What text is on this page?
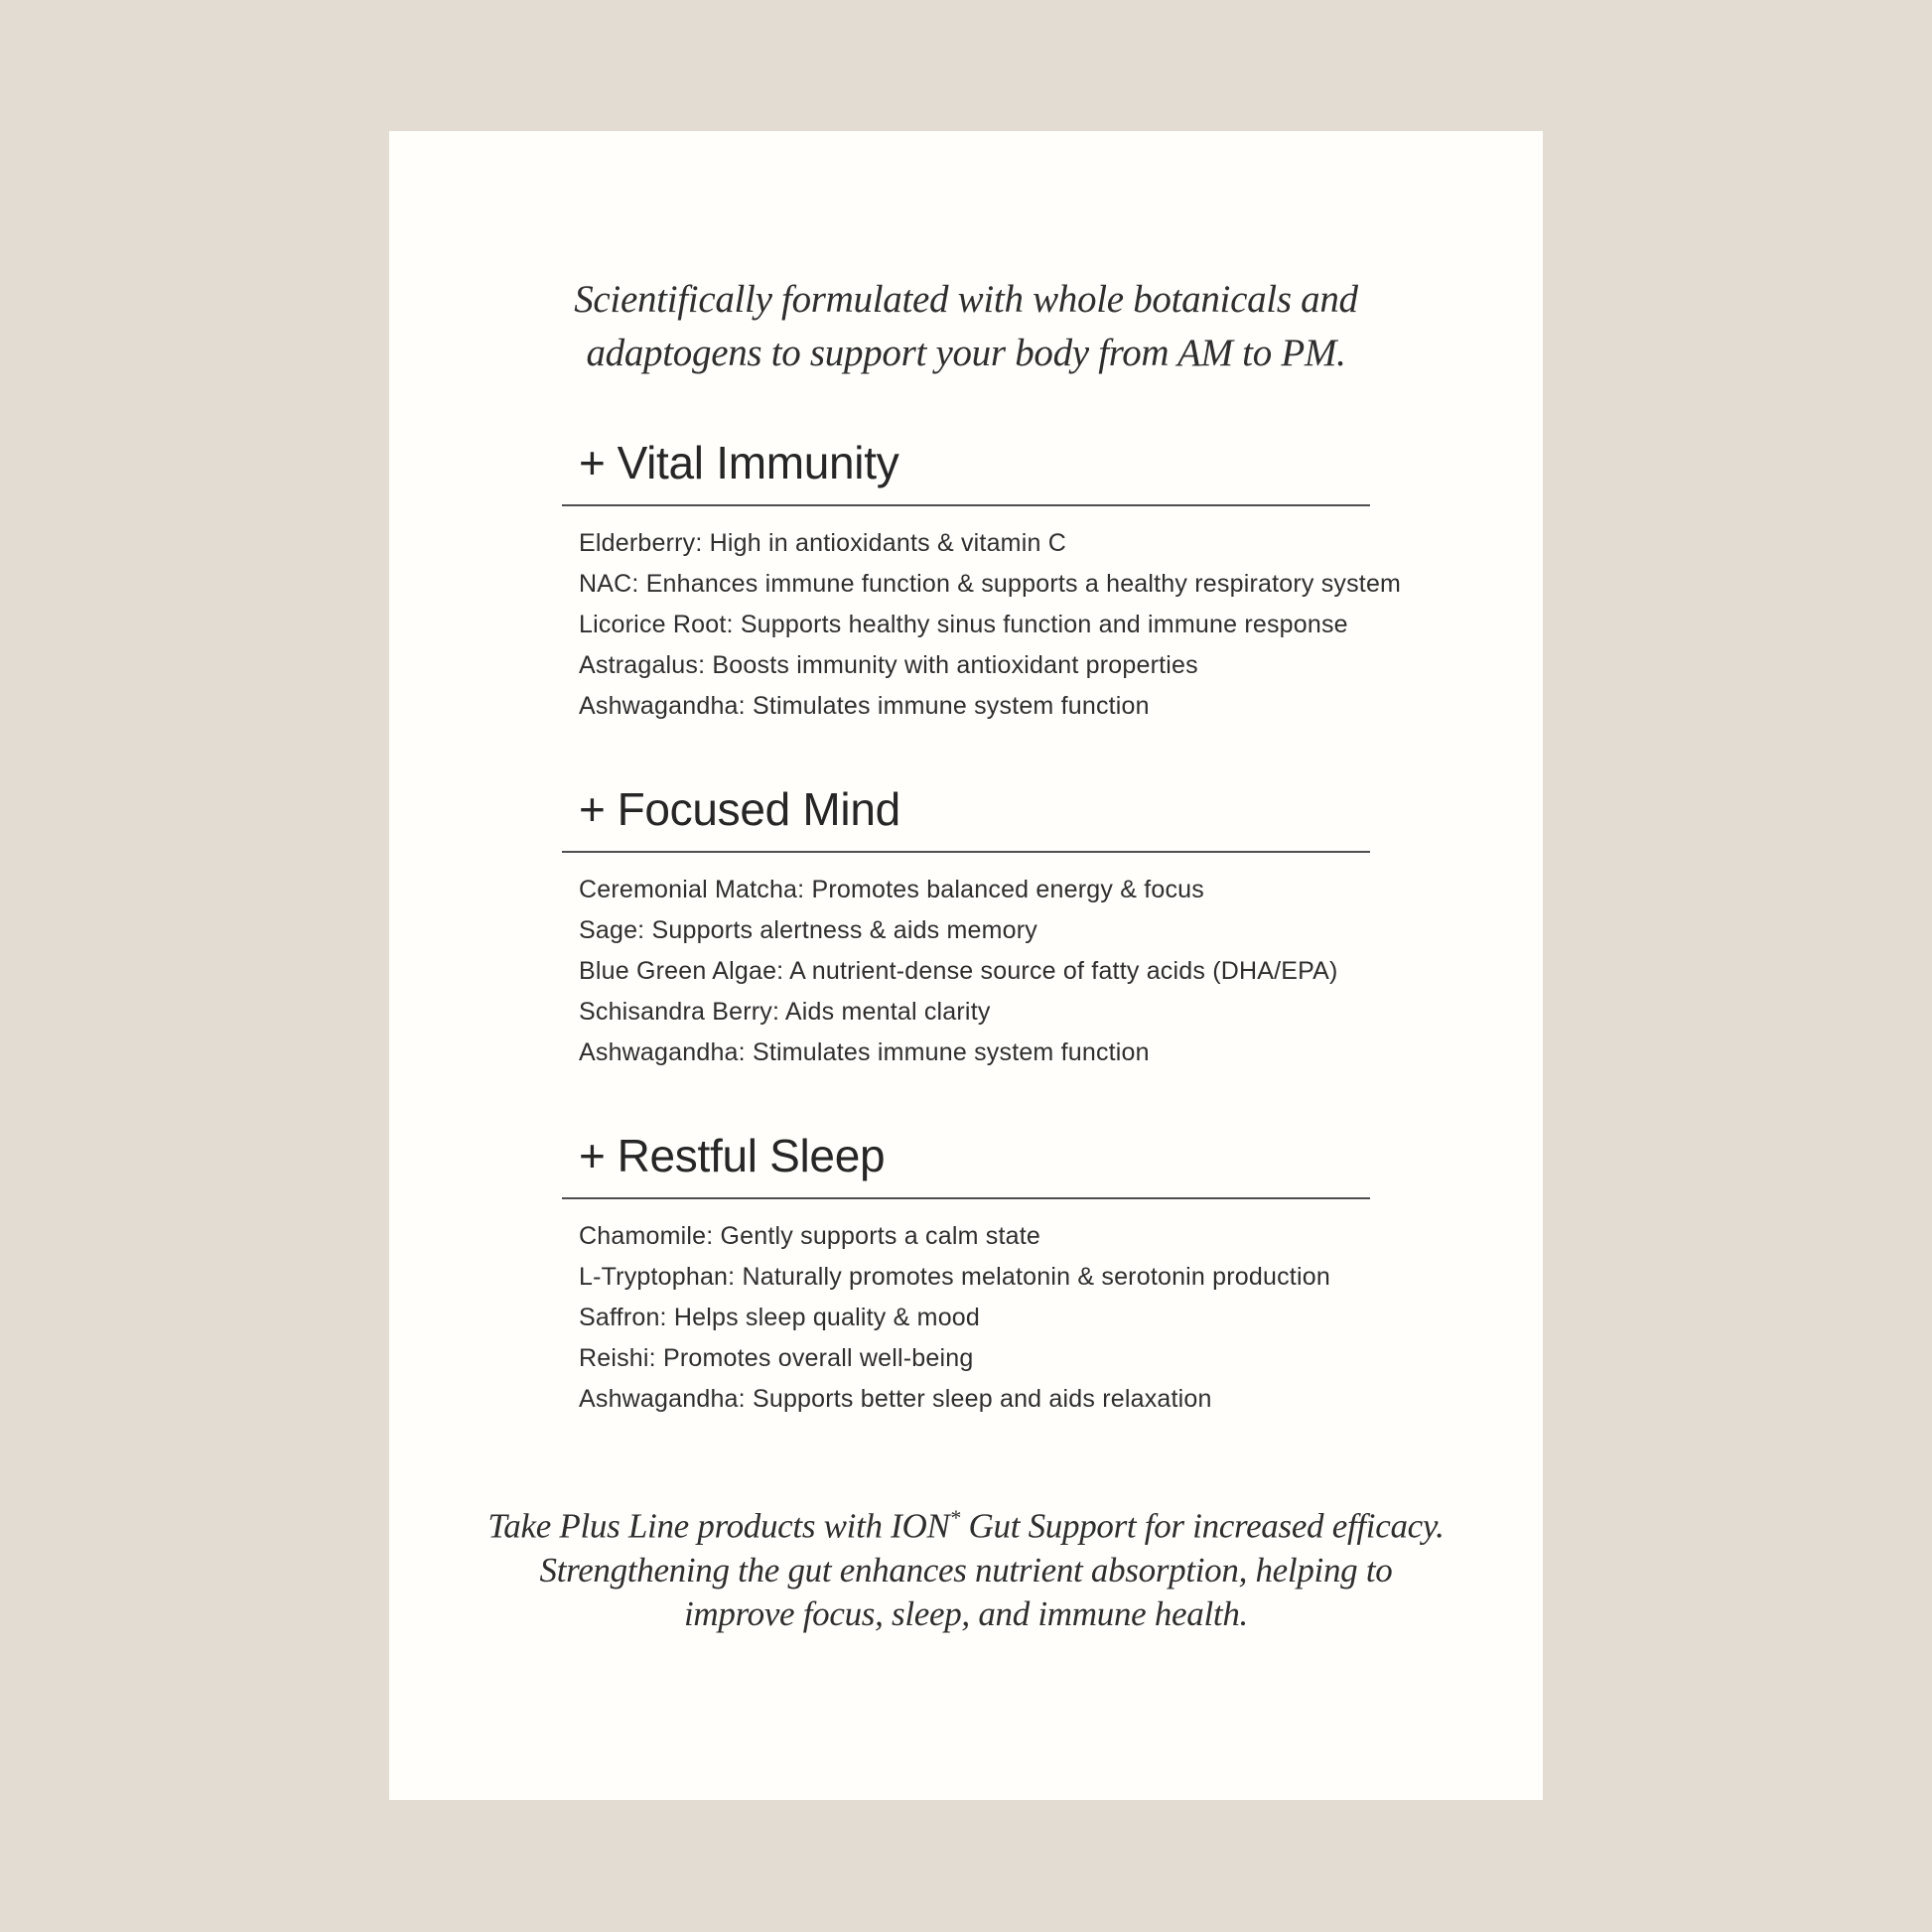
Scientifically formulated with whole botanicals and
adaptogens to support your body from AM to PM.
+ Vital Immunity
Elderberry: High in antioxidants & vitamin C
NAC: Enhances immune function & supports a healthy respiratory system
Licorice Root: Supports healthy sinus function and immune response
Astragalus: Boosts immunity with antioxidant properties
Ashwagandha: Stimulates immune system function
+ Focused Mind
Ceremonial Matcha: Promotes balanced energy & focus
Sage: Supports alertness & aids memory
Blue Green Algae: A nutrient-dense source of fatty acids (DHA/EPA)
Schisandra Berry: Aids mental clarity
Ashwagandha: Stimulates immune system function
+ Restful Sleep
Chamomile: Gently supports a calm state
L-Tryptophan: Naturally promotes melatonin & serotonin production
Saffron: Helps sleep quality & mood
Reishi: Promotes overall well-being
Ashwagandha: Supports better sleep and aids relaxation
Take Plus Line products with ION* Gut Support for increased efficacy.
Strengthening the gut enhances nutrient absorption, helping to
improve focus, sleep, and immune health.
